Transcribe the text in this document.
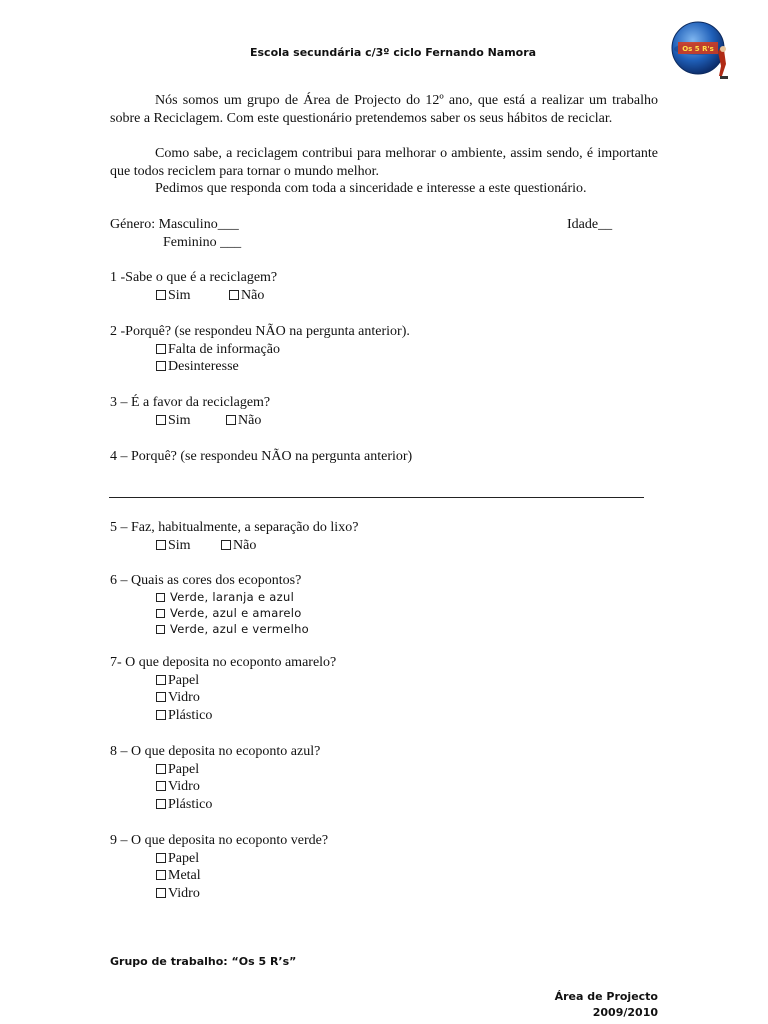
Escola secundária c/3º ciclo Fernando Namora	Os 5 R's
Nós somos um grupo de Área de Projecto do 12º ano, que está a realizar um trabalho sobre a Reciclagem. Com este questionário pretendemos saber os seus hábitos de reciclar.
Como sabe, a reciclagem contribui para melhorar o ambiente, assim sendo, é importante que todos reciclem para tornar o mundo melhor.
Pedimos que responda com toda a sinceridade e interesse a este questionário.
Género: Masculino___	Idade__
Feminino ___
1 -Sabe o que é a reciclagem?
Sim	Não
2 -Porquê? (se respondeu NÃO na pergunta anterior).
Falta de informação
Desinteresse
3 – É a favor da reciclagem?
Sim	Não
4 – Porquê? (se respondeu NÃO na pergunta anterior)
5 – Faz, habitualmente, a separação do lixo?
Sim	Não
6 – Quais as cores dos ecopontos?
Verde, laranja e azul
Verde, azul e amarelo
Verde, azul e vermelho
7- O que deposita no ecoponto amarelo?
Papel
Vidro
Plástico
8 – O que deposita no ecoponto azul?
Papel
Vidro
Plástico
9 – O que deposita no ecoponto verde?
Papel
Metal
Vidro
Grupo de trabalho: “Os 5 R’s”
Área de Projecto
2009/2010
